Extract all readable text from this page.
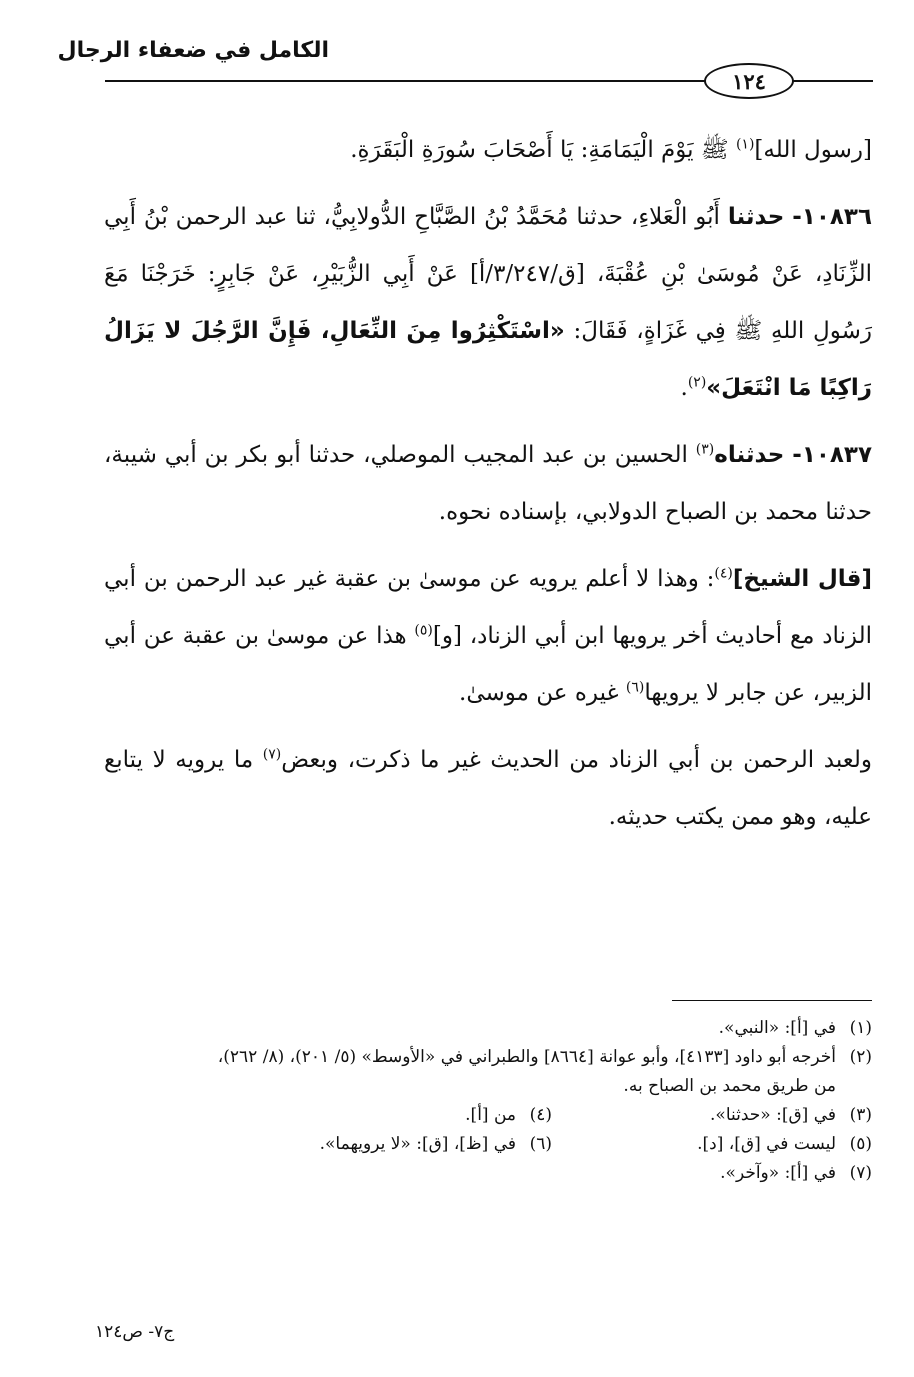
الكامل في ضعفاء الرجال
١٢٤

[رسول الله]$^{(١)}$ ﷺ يَوْمَ الْيَمَامَةِ: يَا أَصْحَابَ سُورَةِ الْبَقَرَةِ.

١٠٨٣٦- حدثنا أَبُو الْعَلاءِ، حدثنا مُحَمَّدُ بْنُ الصَّبَّاحِ الدُّولابِيُّ، ثنا عبد الرحمن بْنُ أَبِي الزِّنَادِ، عَنْ مُوسَىٰ بْنِ عُقْبَةَ، [ق/٣/٢٤٧/أ] عَنْ أَبِي الزُّبَيْرِ، عَنْ جَابِرٍ: خَرَجْنَا مَعَ رَسُولِ اللهِ ﷺ فِي غَزَاةٍ، فَقَالَ: «اسْتَكْثِرُوا مِنَ النِّعَالِ، فَإِنَّ الرَّجُلَ لا يَزَالُ رَاكِبًا مَا انْتَعَلَ»$^{(٢)}$.

١٠٨٣٧- حدثناه$^{(٣)}$ الحسين بن عبد المجيب الموصلي، حدثنا أبو بكر بن أبي شيبة، حدثنا محمد بن الصباح الدولابي، بإسناده نحوه.

[قال الشيخ]$^{(٤)}$: وهذا لا أعلم يرويه عن موسىٰ بن عقبة غير عبد الرحمن بن أبي الزناد مع أحاديث أخر يرويها ابن أبي الزناد، [و]$^{(٥)}$ هذا عن موسىٰ بن عقبة عن أبي الزبير، عن جابر لا يرويها$^{(٦)}$ غيره عن موسىٰ.

ولعبد الرحمن بن أبي الزناد من الحديث غير ما ذكرت، وبعض$^{(٧)}$ ما يرويه لا يتابع عليه، وهو ممن يكتب حديثه.

(١)في [أ]: «النبي».

(٢)أخرجه أبو داود [٤١٣٣]، وأبو عوانة [٨٦٦٤] والطبراني في «الأوسط» (٥/ ٢٠١)، (٨/ ٢٦٢)،

من طريق محمد بن الصباح به.

(٣)في [ق]: «حدثنا».

(٤)من [أ].

(٥)ليست في [ق]، [د].

(٦)في [ظ]، [ق]: «لا يرويهما».

(٧)في [أ]: «وآخر».

ج٧- ص١٢٤
